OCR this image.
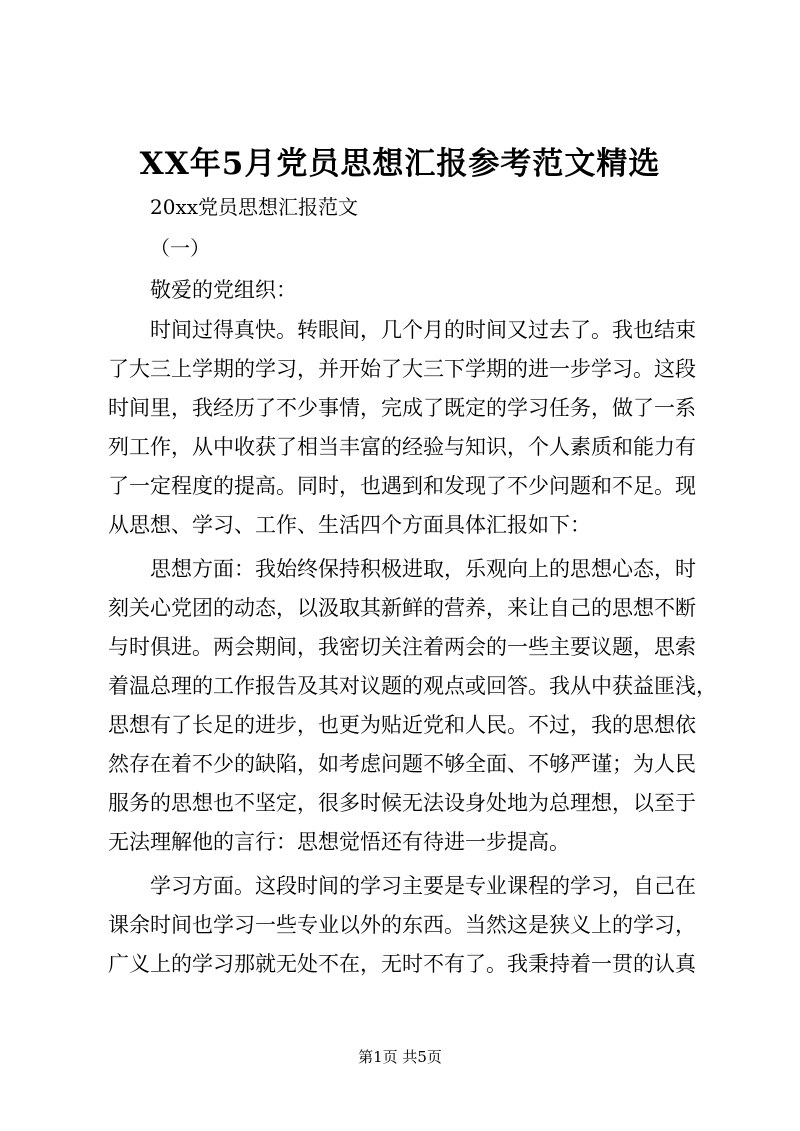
XX年5月党员思想汇报参考范文精选

20xx党员思想汇报范文

（一）

敬爱的党组织：

时间过得真快。转眼间，几个月的时间又过去了。我也结束

了大三上学期的学习，并开始了大三下学期的进一步学习。这段

时间里，我经历了不少事情，完成了既定的学习任务，做了一系

列工作，从中收获了相当丰富的经验与知识，个人素质和能力有

了一定程度的提高。同时，也遇到和发现了不少问题和不足。现

从思想、学习、工作、生活四个方面具体汇报如下：

思想方面：我始终保持积极进取，乐观向上的思想心态，时

刻关心党团的动态，以汲取其新鲜的营养，来让自己的思想不断

与时俱进。两会期间，我密切关注着两会的一些主要议题，思索

着温总理的工作报告及其对议题的观点或回答。我从中获益匪浅，

思想有了长足的进步，也更为贴近党和人民。不过，我的思想依

然存在着不少的缺陷，如考虑问题不够全面、不够严谨；为人民

服务的思想也不坚定，很多时候无法设身处地为总理想，以至于

无法理解他的言行：思想觉悟还有待进一步提高。

学习方面。这段时间的学习主要是专业课程的学习，自己在

课余时间也学习一些专业以外的东西。当然这是狭义上的学习，

广义上的学习那就无处不在，无时不有了。我秉持着一贯的认真

第1页 共5页
